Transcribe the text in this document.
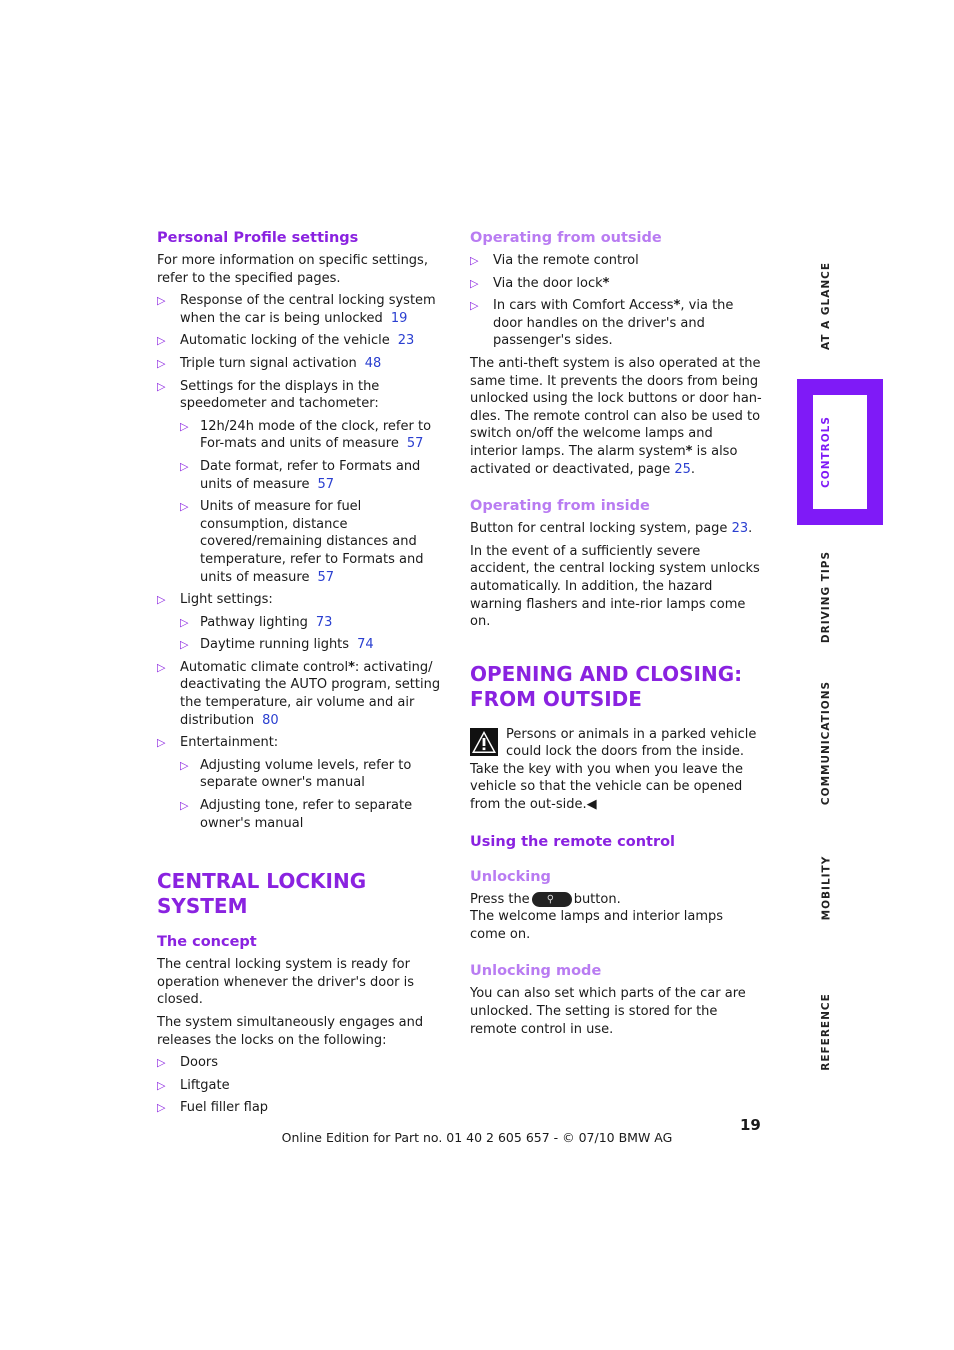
Personal Profile settings

For more information on specific settings, refer to the specified pages.

▷ Response of the central locking system when the car is being unlocked 19
▷ Automatic locking of the vehicle 23
▷ Triple turn signal activation 48
▷ Settings for the displays in the speedometer and tachometer:
▷ 12h/24h mode of the clock, refer to For-mats and units of measure 57
▷ Date format, refer to Formats and units of measure 57
▷ Units of measure for fuel consumption, distance covered/remaining distances and temperature, refer to Formats and units of measure 57
▷ Light settings:
▷ Pathway lighting 73
▷ Daytime running lights 74
▷ Automatic climate control*: activating/ deactivating the AUTO program, setting the temperature, air volume and air distribution 80
▷ Entertainment:
▷ Adjusting volume levels, refer to separate owner's manual
▷ Adjusting tone, refer to separate owner's manual
CENTRAL LOCKING SYSTEM
The concept

The central locking system is ready for operation whenever the driver's door is closed.

The system simultaneously engages and releases the locks on the following:

▷ Doors
▷ Liftgate
▷ Fuel filler flap
Operating from outside
▷ Via the remote control
▷ Via the door lock*
▷ In cars with Comfort Access*, via the door handles on the driver's and passenger's sides.

The anti-theft system is also operated at the same time. It prevents the doors from being unlocked using the lock buttons or door han-dles. The remote control can also be used to switch on/off the welcome lamps and interior lamps. The alarm system* is also activated or deactivated, page 25.

Operating from inside

Button for central locking system, page 23.

In the event of a sufficiently severe accident, the central locking system unlocks automatically. In addition, the hazard warning flashers and inte-rior lamps come on.

OPENING AND CLOSING: FROM OUTSIDE

Persons or animals in a parked vehicle could lock the doors from the inside. Take the key with you when you leave the vehicle so that the vehicle can be opened from the out-side.◀

Using the remote control
Unlocking

Press the ⚲ button.

The welcome lamps and interior lamps come on.

Unlocking mode

You can also set which parts of the car are unlocked. The setting is stored for the remote control in use.

AT A GLANCE
CONTROLS
DRIVING TIPS
COMMUNICATIONS
MOBILITY
REFERENCE
19
Online Edition for Part no. 01 40 2 605 657 - © 07/10 BMW AG
